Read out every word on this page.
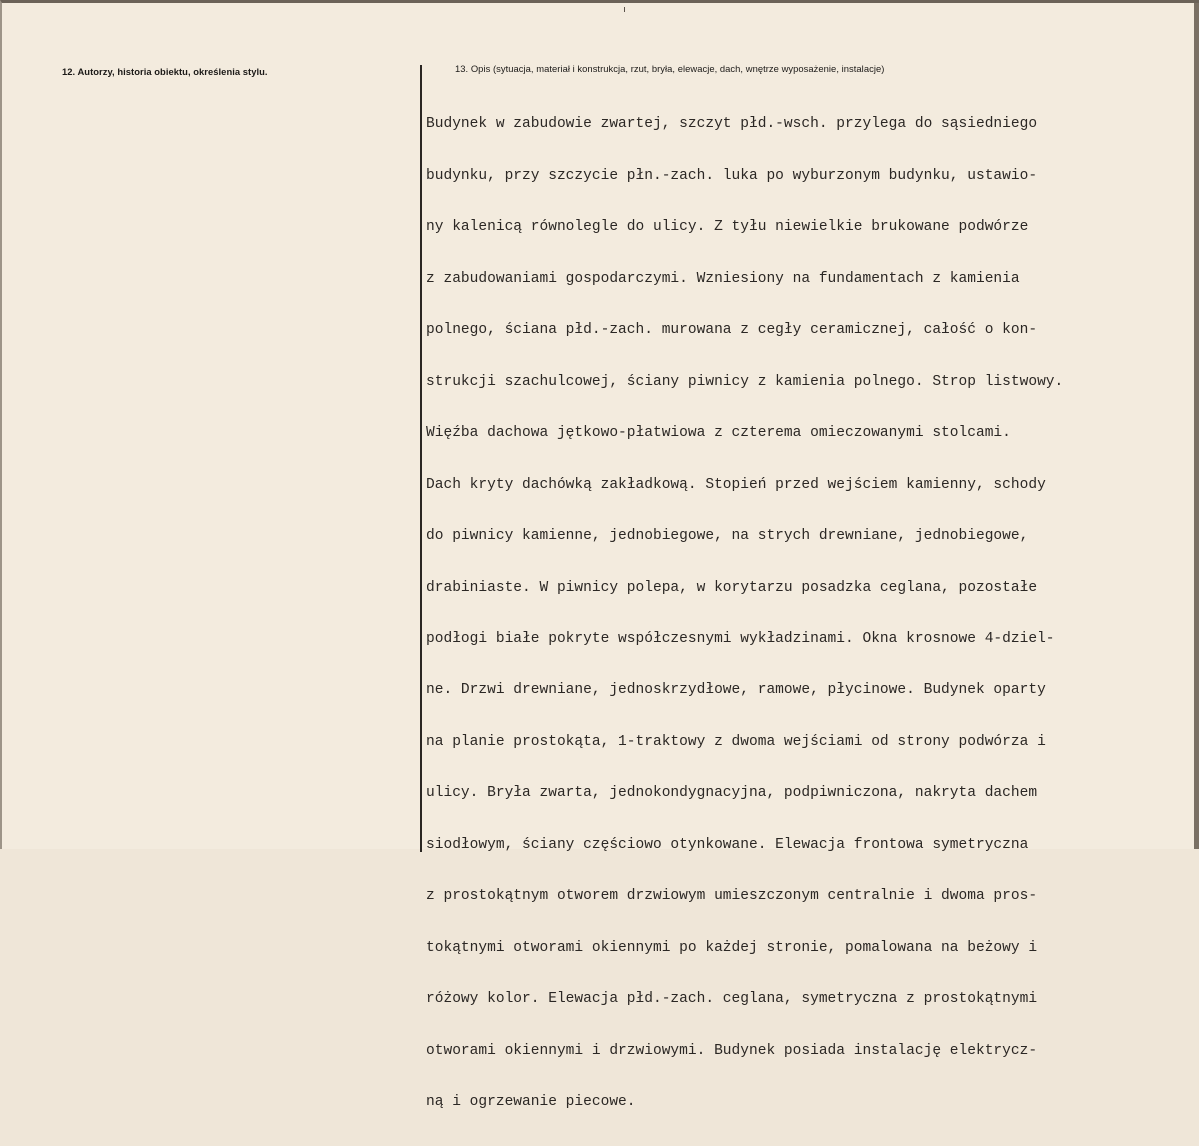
12. Autorzy, historia obiektu, określenia stylu.	13. Opis (sytuacja, materiał i konstrukcja, rzut, bryła, elewacje, dach, wnętrze wyposażenie, instalacje)

Budynek w zabudowie zwartej, szczyt płd.-wsch. przylega do sąsiedniego

budynku, przy szczycie płn.-zach. luka po wyburzonym budynku, ustawio-

ny kalenicą równolegle do ulicy. Z tyłu niewielkie brukowane podwórze

z zabudowaniami gospodarczymi. Wzniesiony na fundamentach z kamienia

polnego, ściana płd.-zach. murowana z cegły ceramicznej, całość o kon-

strukcji szachulcowej, ściany piwnicy z kamienia polnego. Strop listwowy.

Więźba dachowa jętkowo-płatwiowa z czterema omieczowanymi stolcami.

Dach kryty dachówką zakładkową. Stopień przed wejściem kamienny, schody

do piwnicy kamienne, jednobiegowe, na strych drewniane, jednobiegowe,

drabiniaste. W piwnicy polepa, w korytarzu posadzka ceglana, pozostałe

podłogi białe pokryte współczesnymi wykładzinami. Okna krosnowe 4-dziel-

ne. Drzwi drewniane, jednoskrzydłowe, ramowe, płycinowe. Budynek oparty

na planie prostokąta, 1-traktowy z dwoma wejściami od strony podwórza i

ulicy. Bryła zwarta, jednokondygnacyjna, podpiwniczona, nakryta dachem

siodłowym, ściany częściowo otynkowane. Elewacja frontowa symetryczna

z prostokątnym otworem drzwiowym umieszczonym centralnie i dwoma pros-

tokątnymi otworami okiennymi po każdej stronie, pomalowana na beżowy i

różowy kolor. Elewacja płd.-zach. ceglana, symetryczna z prostokątnymi

otworami okiennymi i drzwiowymi. Budynek posiada instalację elektrycz-

ną i ogrzewanie piecowe.
